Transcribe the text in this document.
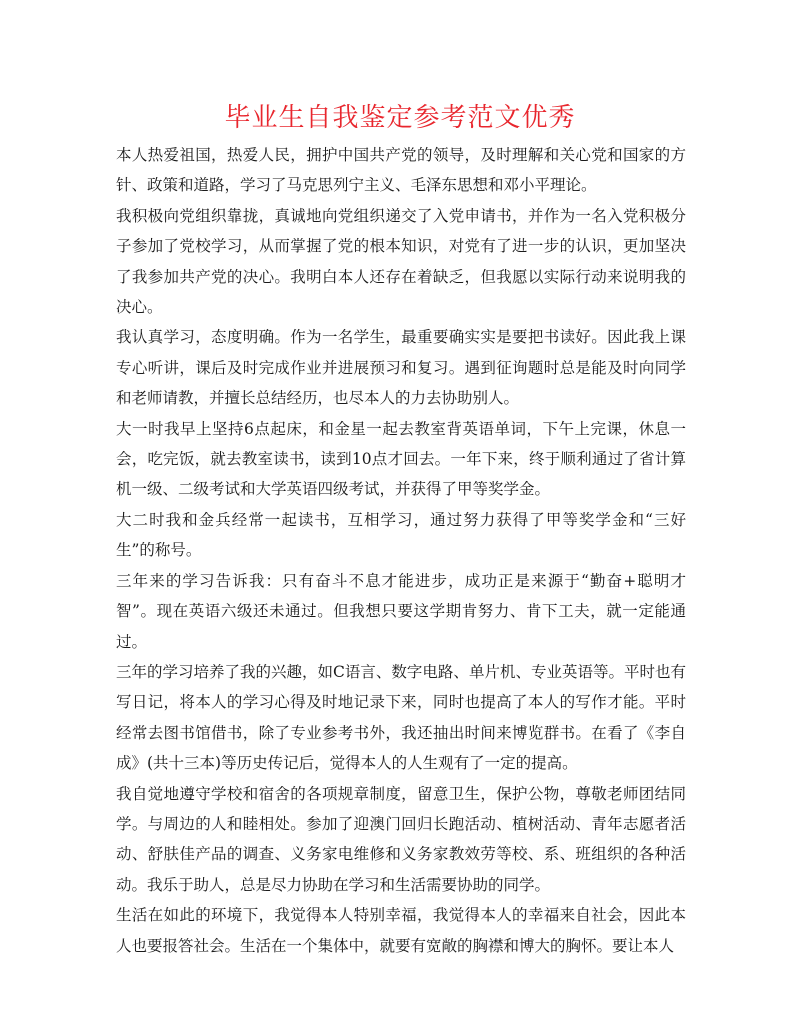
毕业生自我鉴定参考范文优秀

本人热爱祖国，热爱人民，拥护中国共产党的领导，及时理解和关心党和国家的方针、政策和道路，学习了马克思列宁主义、毛泽东思想和邓小平理论。

我积极向党组织靠拢，真诚地向党组织递交了入党申请书，并作为一名入党积极分子参加了党校学习，从而掌握了党的根本知识，对党有了进一步的认识，更加坚决了我参加共产党的决心。我明白本人还存在着缺乏，但我愿以实际行动来说明我的决心。

我认真学习，态度明确。作为一名学生，最重要确实实是要把书读好。因此我上课专心听讲，课后及时完成作业并进展预习和复习。遇到征询题时总是能及时向同学和老师请教，并擅长总结经历，也尽本人的力去协助别人。

大一时我早上坚持6点起床，和金星一起去教室背英语单词，下午上完课，休息一会，吃完饭，就去教室读书，读到10点才回去。一年下来，终于顺利通过了省计算机一级、二级考试和大学英语四级考试，并获得了甲等奖学金。

大二时我和金兵经常一起读书，互相学习，通过努力获得了甲等奖学金和“三好生”的称号。

三年来的学习告诉我：只有奋斗不息才能进步，成功正是来源于“勤奋+聪明才智”。现在英语六级还未通过。但我想只要这学期肯努力、肯下工夫，就一定能通过。

三年的学习培养了我的兴趣，如C语言、数字电路、单片机、专业英语等。平时也有写日记，将本人的学习心得及时地记录下来，同时也提高了本人的写作才能。平时经常去图书馆借书，除了专业参考书外，我还抽出时间来博览群书。在看了《李自成》(共十三本)等历史传记后，觉得本人的人生观有了一定的提高。

我自觉地遵守学校和宿舍的各项规章制度，留意卫生，保护公物，尊敬老师团结同学。与周边的人和睦相处。参加了迎澳门回归长跑活动、植树活动、青年志愿者活动、舒肤佳产品的调查、义务家电维修和义务家教效劳等校、系、班组织的各种活动。我乐于助人，总是尽力协助在学习和生活需要协助的同学。

生活在如此的环境下，我觉得本人特别幸福，我觉得本人的幸福来自社会，因此本人也要报答社会。生活在一个集体中，就要有宽敞的胸襟和博大的胸怀。要让本人
